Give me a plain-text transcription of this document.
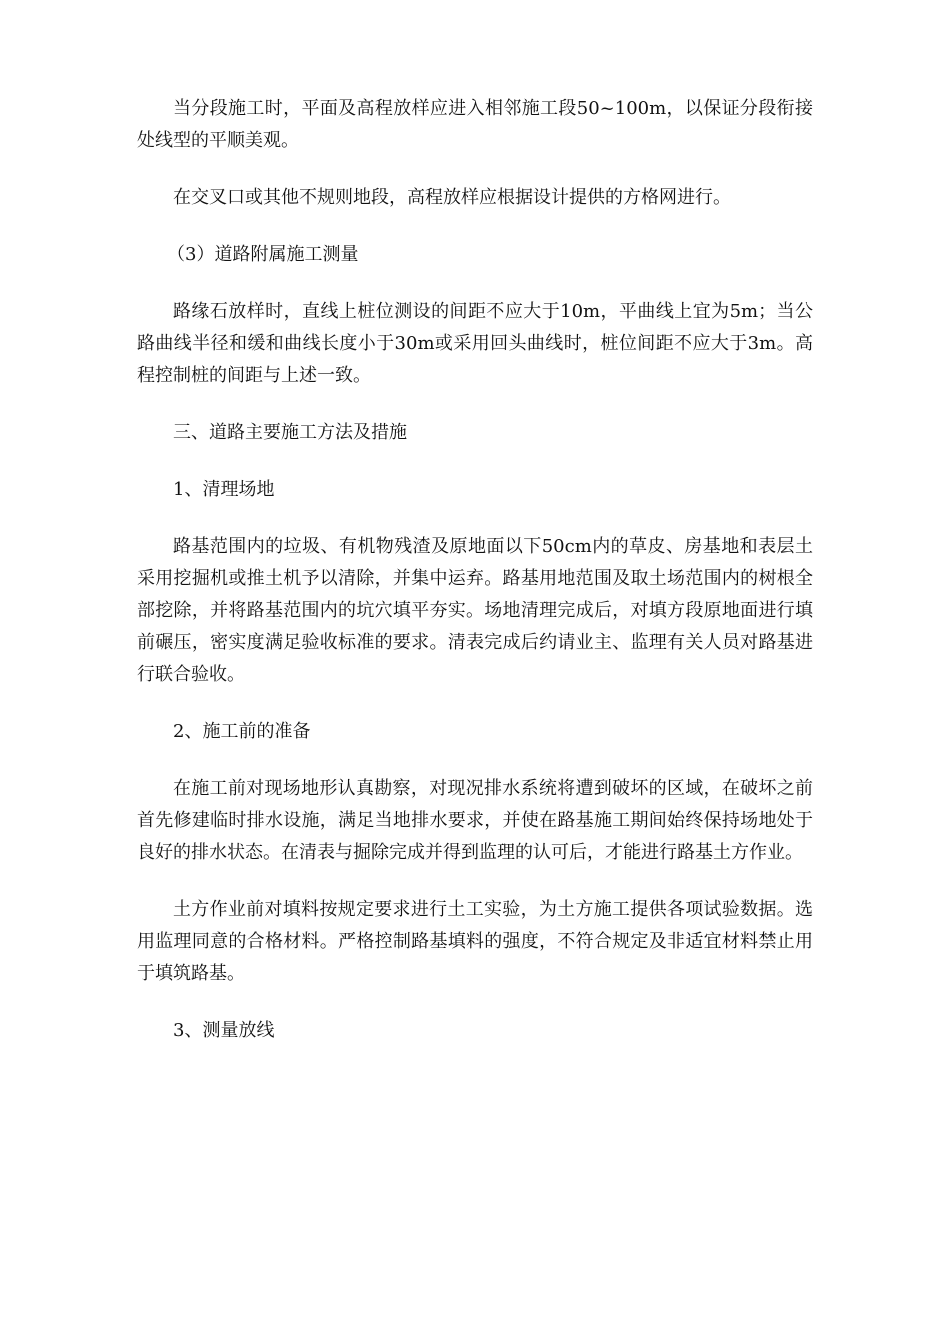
当分段施工时，平面及高程放样应进入相邻施工段50~100m，以保证分段衔接处线型的平顺美观。

在交叉口或其他不规则地段，高程放样应根据设计提供的方格网进行。

（3）道路附属施工测量

路缘石放样时，直线上桩位测设的间距不应大于10m，平曲线上宜为5m；当公路曲线半径和缓和曲线长度小于30m或采用回头曲线时，桩位间距不应大于3m。高程控制桩的间距与上述一致。

三、道路主要施工方法及措施

1、清理场地

路基范围内的垃圾、有机物残渣及原地面以下50cm内的草皮、房基地和表层土采用挖掘机或推土机予以清除，并集中运弃。路基用地范围及取土场范围内的树根全部挖除，并将路基范围内的坑穴填平夯实。场地清理完成后，对填方段原地面进行填前碾压，密实度满足验收标准的要求。清表完成后约请业主、监理有关人员对路基进行联合验收。

2、施工前的准备

在施工前对现场地形认真勘察，对现况排水系统将遭到破坏的区域，在破坏之前首先修建临时排水设施，满足当地排水要求，并使在路基施工期间始终保持场地处于良好的排水状态。在清表与掘除完成并得到监理的认可后，才能进行路基土方作业。

土方作业前对填料按规定要求进行土工实验，为土方施工提供各项试验数据。选用监理同意的合格材料。严格控制路基填料的强度，不符合规定及非适宜材料禁止用于填筑路基。

3、测量放线
